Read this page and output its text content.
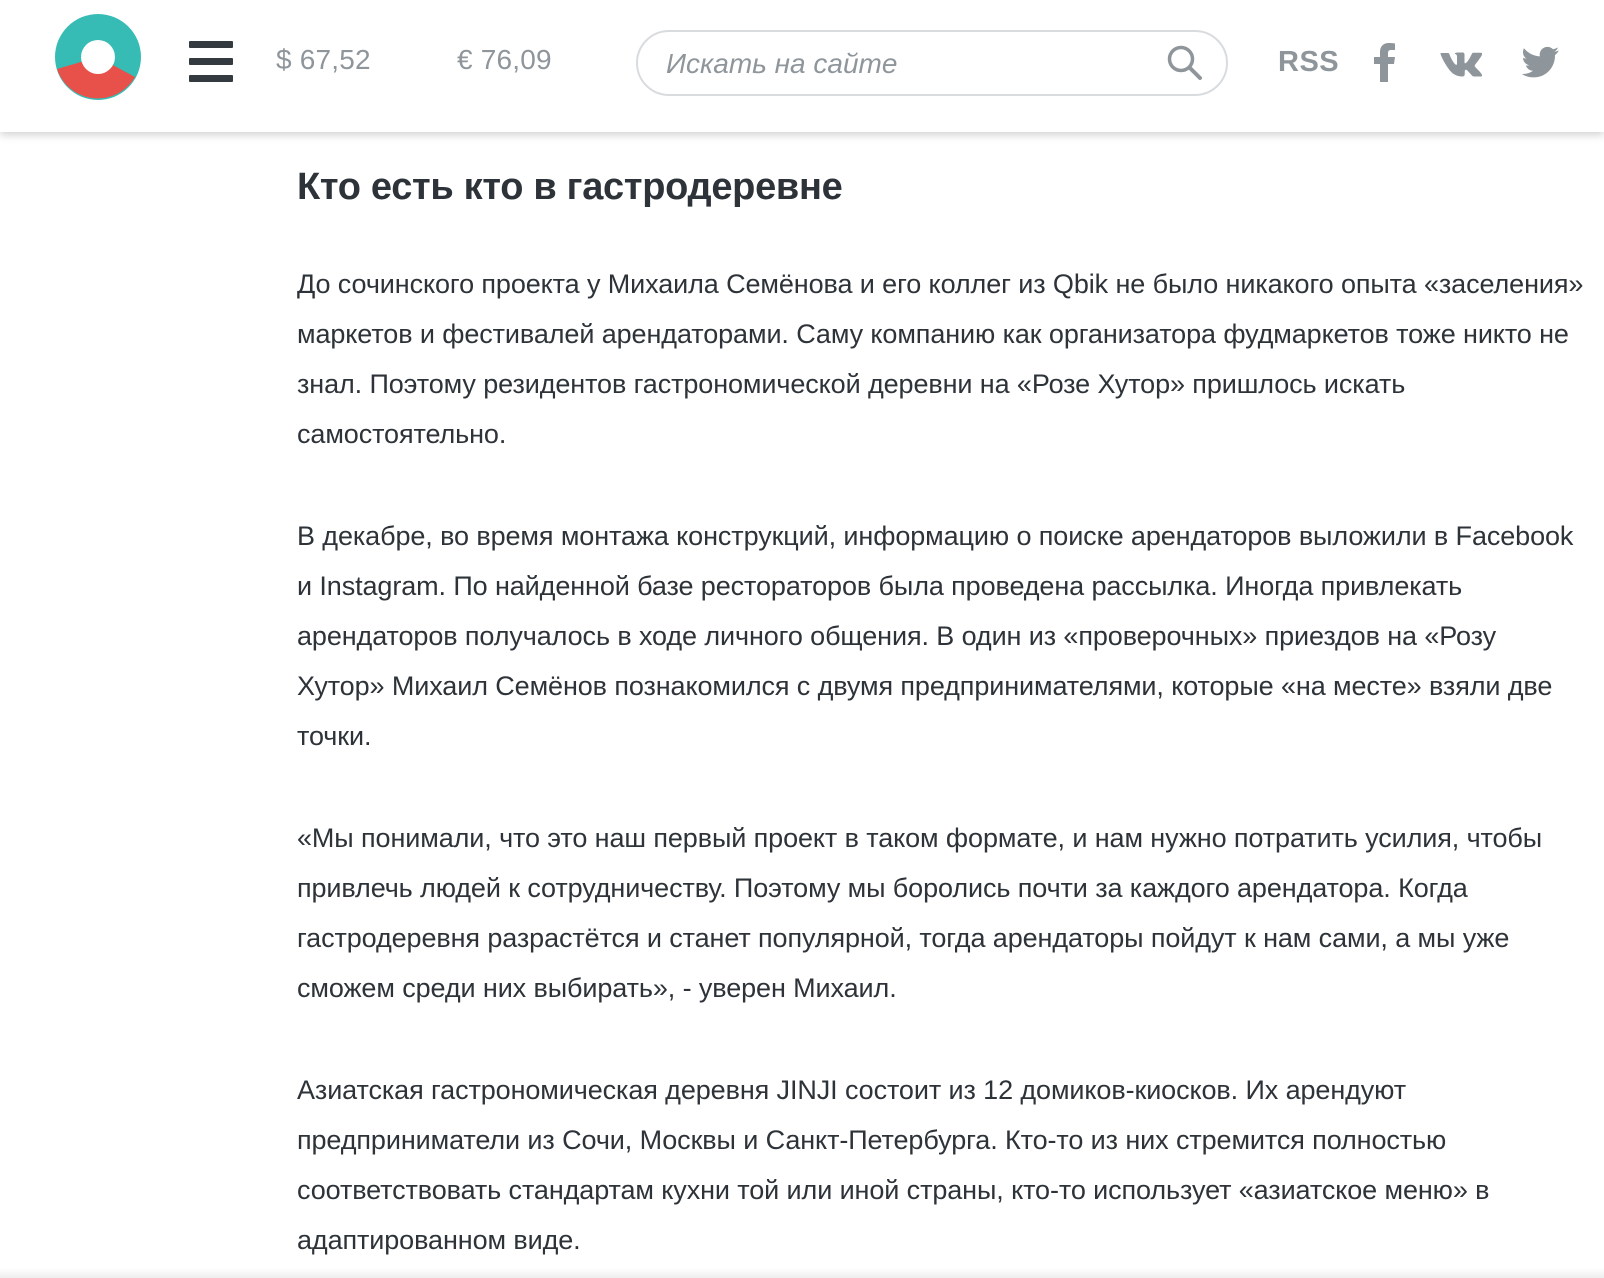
$ 67,52	€ 76,09
Искать на сайте	RSS
Кто есть кто в гастродеревне

До сочинского проекта у Михаила Семёнова и его коллег из Qbik не было никакого опыта «заселения» маркетов и фестивалей арендаторами. Саму компанию как организатора фудмаркетов тоже никто не знал. Поэтому резидентов гастрономической деревни на «Розе Хутор» пришлось искать самостоятельно.

В декабре, во время монтажа конструкций, информацию о поиске арендаторов выложили в Facebook и Instagram. По найденной базе рестораторов была проведена рассылка. Иногда привлекать арендаторов получалось в ходе личного общения. В один из «проверочных» приездов на «Розу Хутор» Михаил Семёнов познакомился с двумя предпринимателями, которые «на месте» взяли две точки.

«Мы понимали, что это наш первый проект в таком формате, и нам нужно потратить усилия, чтобы привлечь людей к сотрудничеству. Поэтому мы боролись почти за каждого арендатора. Когда гастродеревня разрастётся и станет популярной, тогда арендаторы пойдут к нам сами, а мы уже сможем среди них выбирать», - уверен Михаил.

Азиатская гастрономическая деревня JINJI состоит из 12 домиков-киосков. Их арендуют предприниматели из Сочи, Москвы и Санкт-Петербурга. Кто-то из них стремится полностью соответствовать стандартам кухни той или иной страны, кто-то использует «азиатское меню» в адаптированном виде.
